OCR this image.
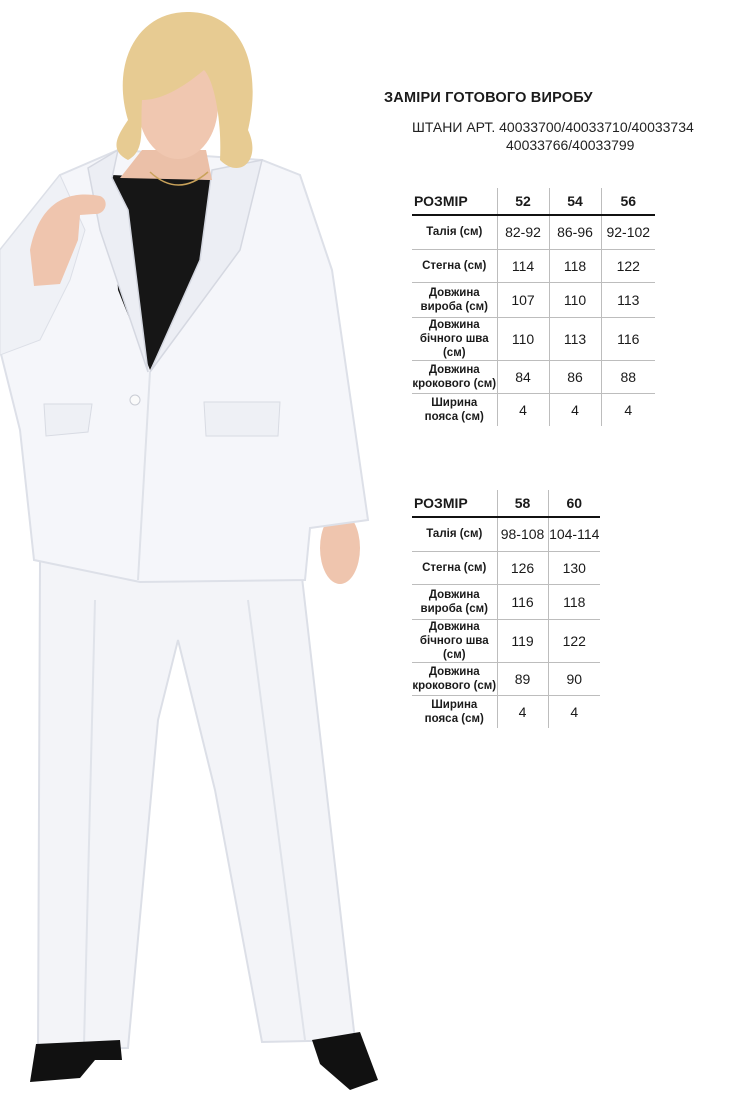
ЗАМІРИ ГОТОВОГО ВИРОБУ
ШТАНИ АРТ. 40033700/40033710/40033734
40033766/40033799
РОЗМІР	52	54	56
Талія (см)	82-92	86-96	92-102
Стегна (см)	114	118	122
Довжина
вироба (см)	107	110	113
Довжина
бічного шва (см)	110	113	116
Довжина
крокового (см)	84	86	88
Ширина
пояса (см)	4	4	4
РОЗМІР	58	60
Талія (см)	98-108	104-114
Стегна (см)	126	130
Довжина
вироба (см)	116	118
Довжина
бічного шва (см)	119	122
Довжина
крокового (см)	89	90
Ширина
пояса (см)	4	4
